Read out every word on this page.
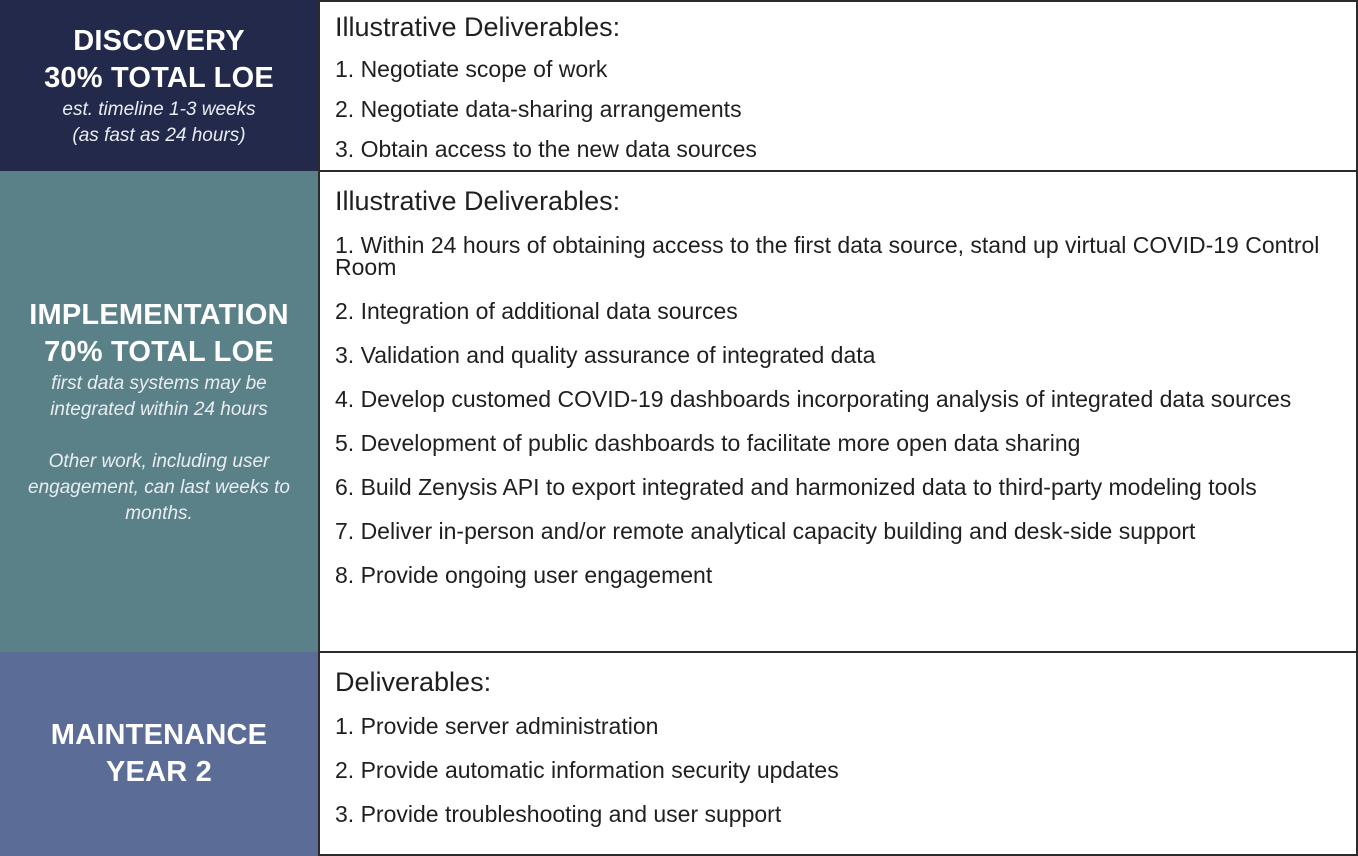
DISCOVERY
30% TOTAL LOE
est. timeline 1-3 weeks
(as fast as 24 hours)

Illustrative Deliverables:

1. Negotiate scope of work

2. Negotiate data-sharing arrangements

3. Obtain access to the new data sources

IMPLEMENTATION
70% TOTAL LOE
first data systems may be
integrated within 24 hours
Other work, including user
engagement, can last weeks to
months.

Illustrative Deliverables:

1. Within 24 hours of obtaining access to the first data source, stand up virtual COVID-19 Control Room

2. Integration of additional data sources

3. Validation and quality assurance of integrated data

4. Develop customed COVID-19 dashboards incorporating analysis of integrated data sources

5. Development of public dashboards to facilitate more open data sharing

6. Build Zenysis API to export integrated and harmonized data to third-party modeling tools

7. Deliver in-person and/or remote analytical capacity building and desk-side support

8. Provide ongoing user engagement

MAINTENANCE
YEAR 2

Deliverables:

1. Provide server administration

2. Provide automatic information security updates

3. Provide troubleshooting and user support
